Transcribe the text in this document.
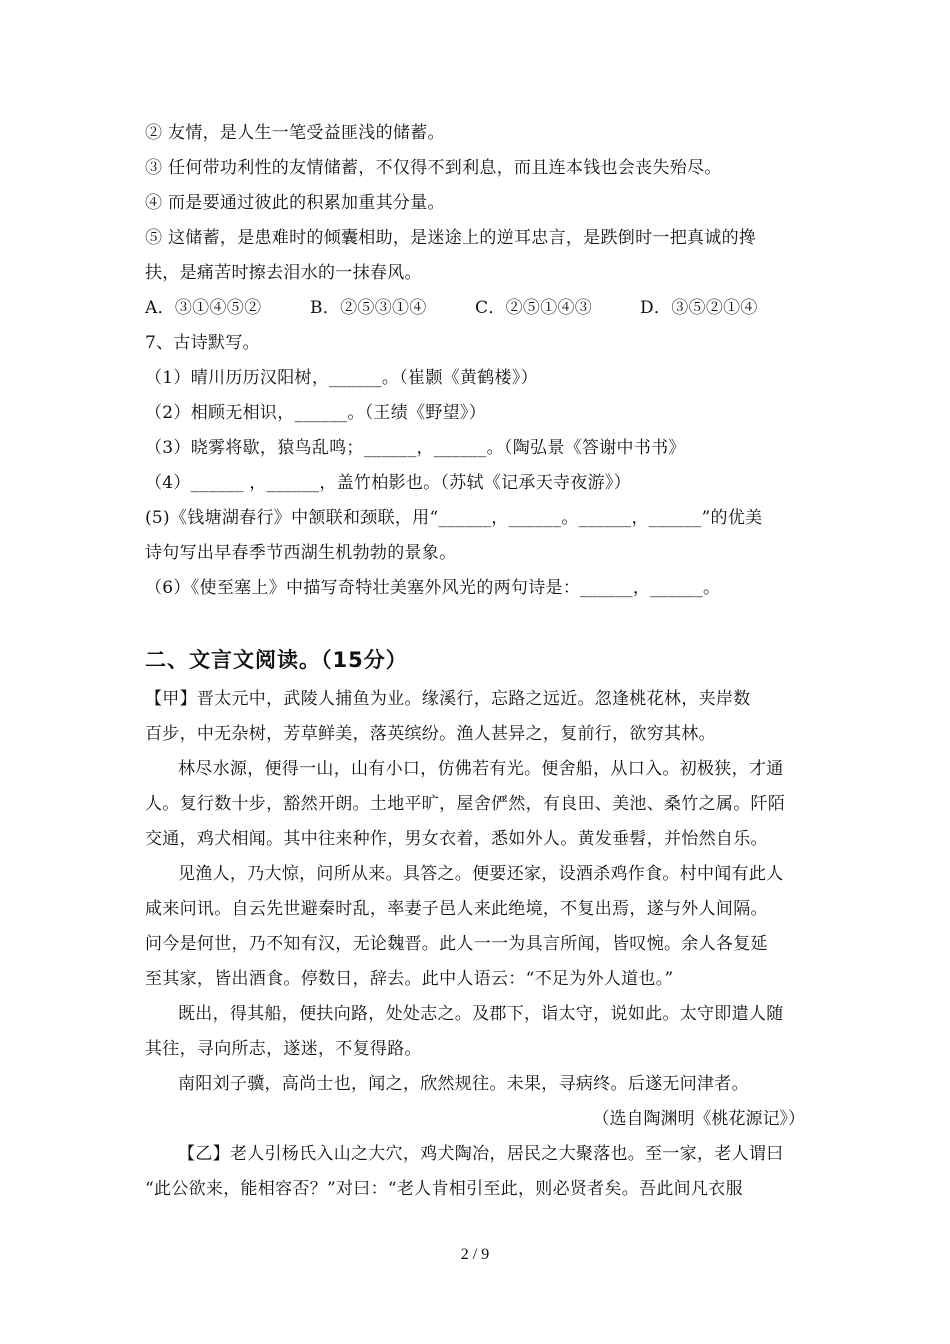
② 友情，是人生一笔受益匪浅的储蓄。
③ 任何带功利性的友情储蓄，不仅得不到利息，而且连本钱也会丧失殆尽。
④ 而是要通过彼此的积累加重其分量。
⑤ 这储蓄，是患难时的倾囊相助，是迷途上的逆耳忠言，是跌倒时一把真诚的搀
扶，是痛苦时擦去泪水的一抹春风。
A．③①④⑤②	B．②⑤③①④	C．②⑤①④③	D．③⑤②①④
7、古诗默写。
（1）晴川历历汉阳树，______。（崔颢《黄鹤楼》）
（2）相顾无相识，______。（王绩《野望》）
（3）晓雾将歇，猿鸟乱鸣；______，______。（陶弘景《答谢中书书》
（4）______ ，______，盖竹柏影也。（苏轼《记承天寺夜游》）
(5)《钱塘湖春行》中颔联和颈联，用“______，______。______，______”的优美
诗句写出早春季节西湖生机勃勃的景象。
（6）《使至塞上》中描写奇特壮美塞外风光的两句诗是：______，______。
二、文言文阅读。（15分）
【甲】晋太元中，武陵人捕鱼为业。缘溪行，忘路之远近。忽逢桃花林，夹岸数
百步，中无杂树，芳草鲜美，落英缤纷。渔人甚异之，复前行，欲穷其林。
林尽水源，便得一山，山有小口，仿佛若有光。便舍船，从口入。初极狭，才通
人。复行数十步，豁然开朗。土地平旷，屋舍俨然，有良田、美池、桑竹之属。阡陌
交通，鸡犬相闻。其中往来种作，男女衣着，悉如外人。黄发垂髫，并怡然自乐。
见渔人，乃大惊，问所从来。具答之。便要还家，设酒杀鸡作食。村中闻有此人
咸来问讯。自云先世避秦时乱，率妻子邑人来此绝境，不复出焉，遂与外人间隔。
问今是何世，乃不知有汉，无论魏晋。此人一一为具言所闻，皆叹惋。余人各复延
至其家，皆出酒食。停数日，辞去。此中人语云：“不足为外人道也。”
既出，得其船，便扶向路，处处志之。及郡下，诣太守，说如此。太守即遣人随
其往，寻向所志，遂迷，不复得路。
南阳刘子骥，高尚士也，闻之，欣然规往。未果，寻病终。后遂无问津者。
（选自陶渊明《桃花源记》）
【乙】老人引杨氏入山之大穴，鸡犬陶冶，居民之大聚落也。至一家，老人谓曰
“此公欲来，能相容否？”对曰：“老人肯相引至此，则必贤者矣。吾此间凡衣服
2 / 9
